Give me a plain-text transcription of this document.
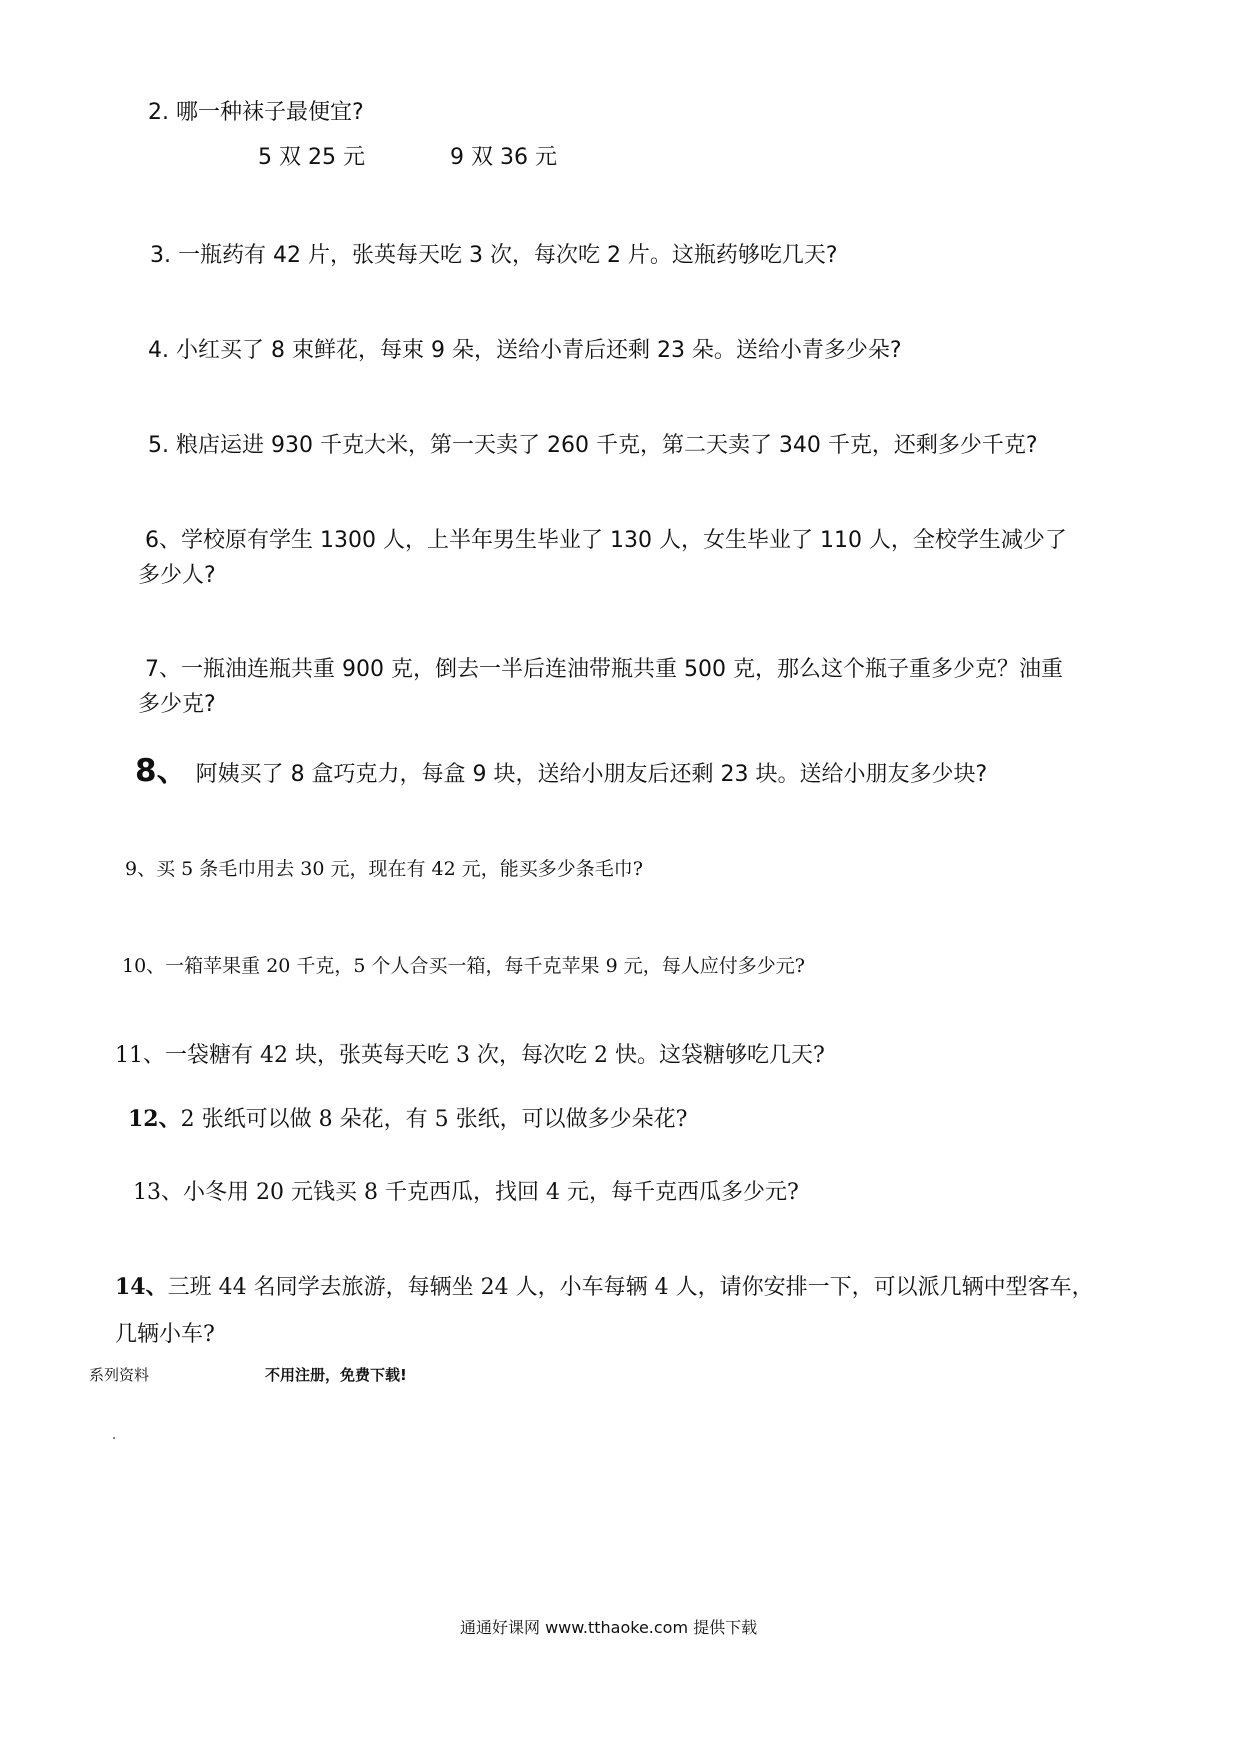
2. 哪一种袜子最便宜?
5 双 25 元	9 双 36 元
3. 一瓶药有 42 片，张英每天吃 3 次，每次吃 2 片。这瓶药够吃几天?
4. 小红买了 8 束鲜花，每束 9 朵，送给小青后还剩 23 朵。送给小青多少朵?
5. 粮店运进 930 千克大米，第一天卖了 260 千克，第二天卖了 340 千克，还剩多少千克?
6、学校原有学生 1300 人，上半年男生毕业了 130 人，女生毕业了 110 人，全校学生减少了
多少人?
7、一瓶油连瓶共重 900 克，倒去一半后连油带瓶共重 500 克，那么这个瓶子重多少克？油重
多少克?
8、 阿姨买了 8 盒巧克力，每盒 9 块，送给小朋友后还剩 23 块。送给小朋友多少块?
9、买 5 条毛巾用去 30 元，现在有 42 元，能买多少条毛巾?
10、一箱苹果重 20 千克，5 个人合买一箱，每千克苹果 9 元，每人应付多少元?
11、一袋糖有 42 块，张英每天吃 3 次，每次吃 2 快。这袋糖够吃几天?
12、2 张纸可以做 8 朵花，有 5 张纸，可以做多少朵花?
13、小冬用 20 元钱买 8 千克西瓜，找回 4 元，每千克西瓜多少元?
14、三班 44 名同学去旅游，每辆坐 24 人，小车每辆 4 人，请你安排一下，可以派几辆中型客车，
几辆小车?
系列资料	不用注册，免费下载!
通通好课网 www.tthaoke.com 提供下载
